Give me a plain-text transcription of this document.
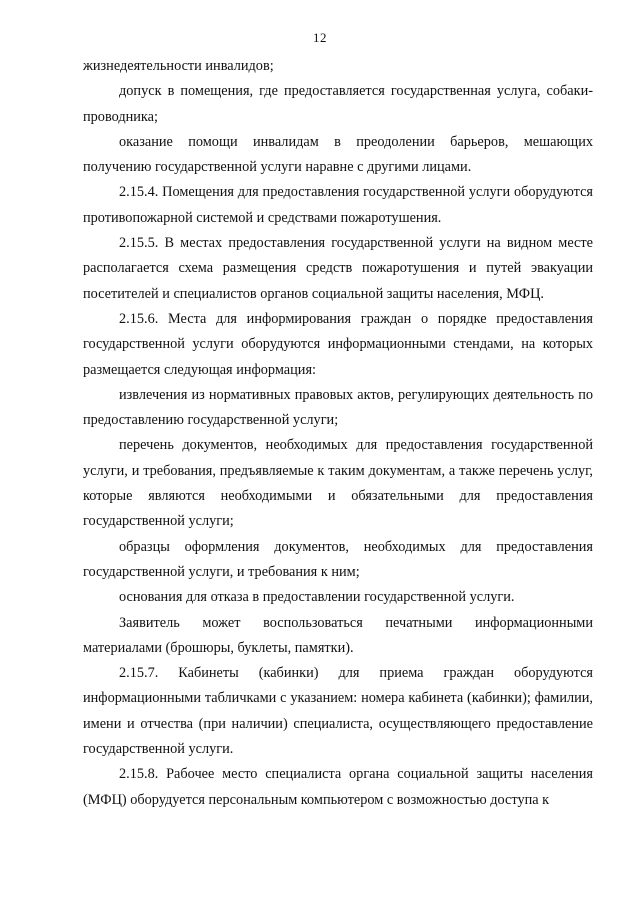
12

жизнедеятельности инвалидов;

допуск в помещения, где предоставляется государственная услуга, собаки-проводника;

оказание помощи инвалидам в преодолении барьеров, мешающих получению государственной услуги наравне с другими лицами.

2.15.4. Помещения для предоставления государственной услуги оборудуются противопожарной системой и средствами пожаротушения.

2.15.5. В местах предоставления государственной услуги на видном месте располагается схема размещения средств пожаротушения и путей эвакуации посетителей и специалистов органов социальной защиты населения, МФЦ.

2.15.6. Места для информирования граждан о порядке предоставления государственной услуги оборудуются информационными стендами, на которых размещается следующая информация:

извлечения из нормативных правовых актов, регулирующих деятельность по предоставлению государственной услуги;

перечень документов, необходимых для предоставления государственной услуги, и требования, предъявляемые к таким документам, а также перечень услуг, которые являются необходимыми и обязательными для предоставления государственной услуги;

образцы оформления документов, необходимых для предоставления государственной услуги, и требования к ним;

основания для отказа в предоставлении государственной услуги.

Заявитель может воспользоваться печатными информационными материалами (брошюры, буклеты, памятки).

2.15.7. Кабинеты (кабинки) для приема граждан оборудуются информационными табличками с указанием: номера кабинета (кабинки); фамилии, имени и отчества (при наличии) специалиста, осуществляющего предоставление государственной услуги.

2.15.8. Рабочее место специалиста органа социальной защиты населения (МФЦ) оборудуется персональным компьютером с возможностью доступа к
